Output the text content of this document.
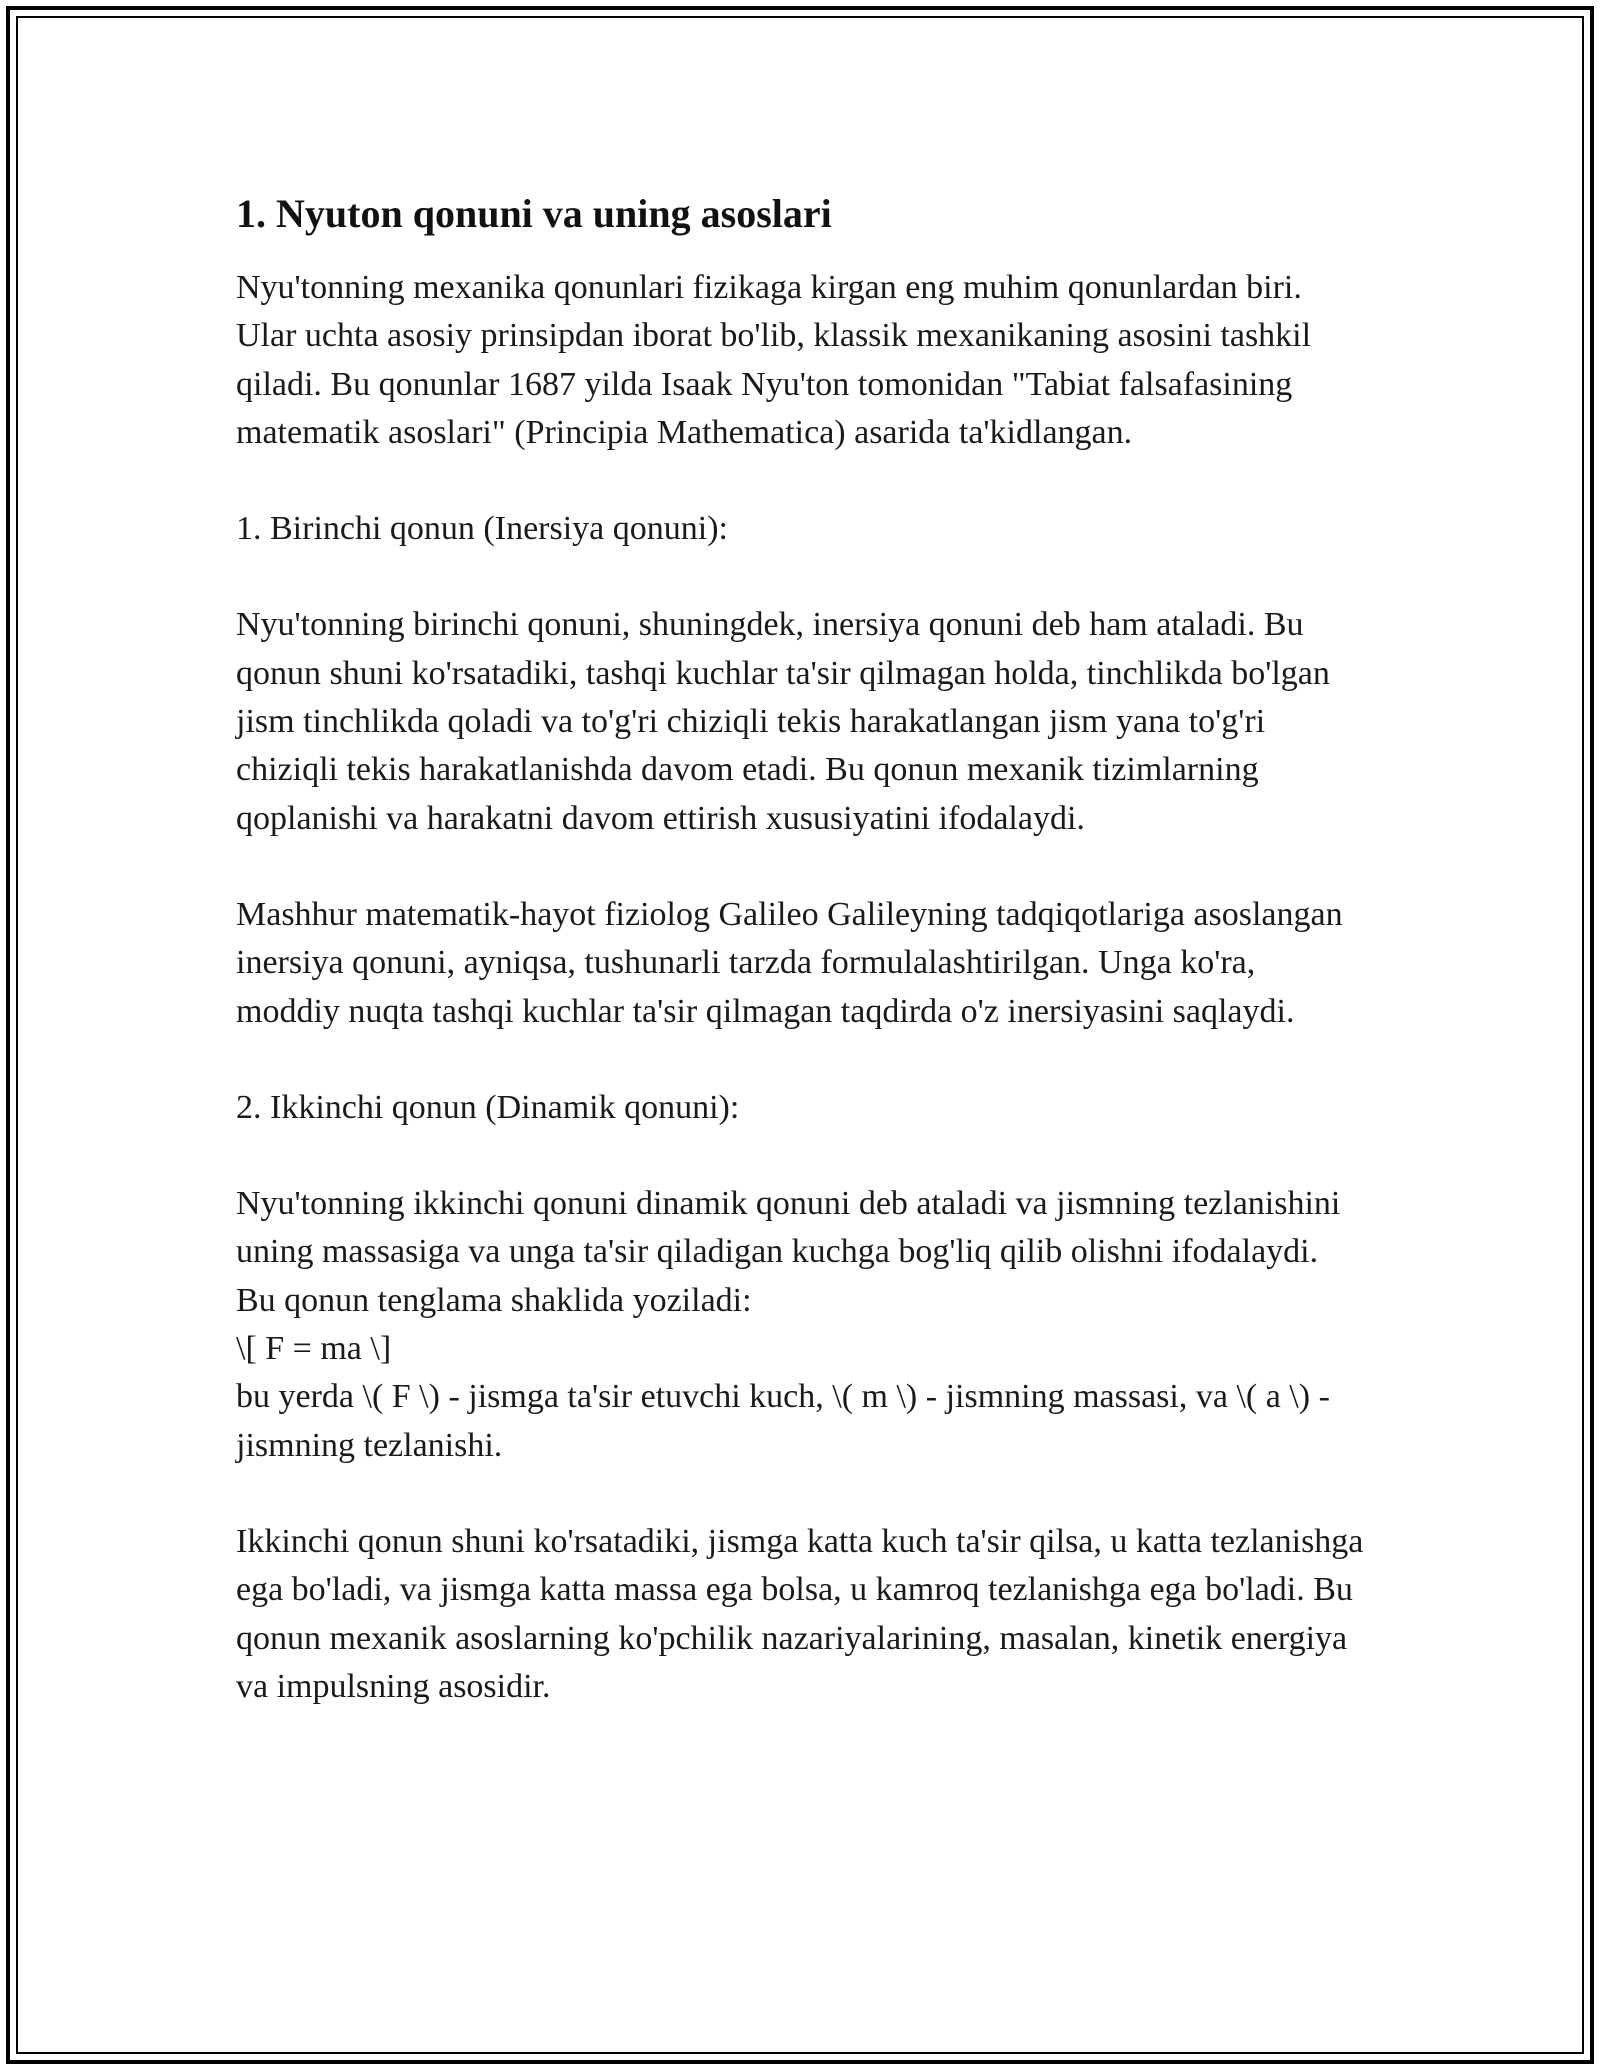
1. Nyuton qonuni va uning asoslari

Nyu'tonning mexanika qonunlari fizikaga kirgan eng muhim qonunlardan biri. Ular uchta asosiy prinsipdan iborat bo'lib, klassik mexanikaning asosini tashkil qiladi. Bu qonunlar 1687 yilda Isaak Nyu'ton tomonidan "Tabiat falsafasining matematik asoslari" (Principia Mathematica) asarida ta'kidlangan.

1. Birinchi qonun (Inersiya qonuni):

Nyu'tonning birinchi qonuni, shuningdek, inersiya qonuni deb ham ataladi. Bu qonun shuni ko'rsatadiki, tashqi kuchlar ta'sir qilmagan holda, tinchlikda bo'lgan jism tinchlikda qoladi va to'g'ri chiziqli tekis harakatlangan jism yana to'g'ri chiziqli tekis harakatlanishda davom etadi. Bu qonun mexanik tizimlarning qoplanishi va harakatni davom ettirish xususiyatini ifodalaydi.

Mashhur matematik-hayot fiziolog Galileo Galileyning tadqiqotlariga asoslangan inersiya qonuni, ayniqsa, tushunarli tarzda formulalashtirilgan. Unga ko'ra, moddiy nuqta tashqi kuchlar ta'sir qilmagan taqdirda o'z inersiyasini saqlaydi.

2. Ikkinchi qonun (Dinamik qonuni):

Nyu'tonning ikkinchi qonuni dinamik qonuni deb ataladi va jismning tezlanishini uning massasiga va unga ta'sir qiladigan kuchga bog'liq qilib olishni ifodalaydi. Bu qonun tenglama shaklida yoziladi:
\[ F = ma \]
bu yerda \( F \) - jismga ta'sir etuvchi kuch, \( m \) - jismning massasi, va \( a \) - jismning tezlanishi.

Ikkinchi qonun shuni ko'rsatadiki, jismga katta kuch ta'sir qilsa, u katta tezlanishga ega bo'ladi, va jismga katta massa ega bolsa, u kamroq tezlanishga ega bo'ladi. Bu qonun mexanik asoslarning ko'pchilik nazariyalarining, masalan, kinetik energiya va impulsning asosidir.
